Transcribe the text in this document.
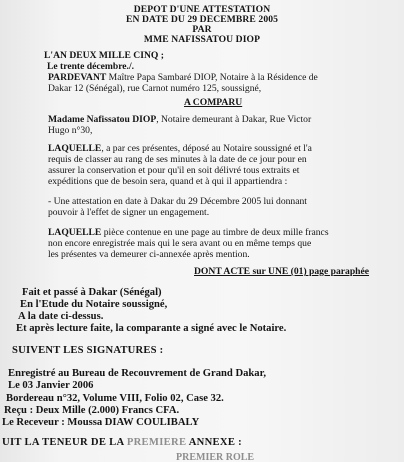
DEPOT D'UNE ATTESTATION
EN DATE DU 29 DECEMBRE 2005
PAR
MME NAFISSATOU DIOP
L'AN DEUX MILLE CINQ ;
Le trente décembre./.
PARDEVANT Maître Papa Sambaré DIOP, Notaire à la Résidence de
Dakar 12 (Sénégal), rue Carnot numéro 125, soussigné,
A COMPARU
Madame Nafissatou DIOP, Notaire demeurant à Dakar, Rue Victor
Hugo n°30,
LAQUELLE, a par ces présentes, déposé au Notaire soussigné et l'a
requis de classer au rang de ses minutes à la date de ce jour pour en
assurer la conservation et pour qu'il en soit délivré tous extraits et
expéditions que de besoin sera, quand et à qui il appartiendra :
- Une attestation en date à Dakar du 29 Décembre 2005 lui donnant
pouvoir à l'effet de signer un engagement.
LAQUELLE pièce contenue en une page au timbre de deux mille francs
non encore enregistrée mais qui le sera avant ou en même temps que
les présentes va demeurer ci-annexée après mention.
DONT ACTE sur UNE (01) page paraphée
Fait et passé à Dakar (Sénégal)
En l'Etude du Notaire soussigné,
A la date ci-dessus.
Et après lecture faite, la comparante a signé avec le Notaire.
SUIVENT LES SIGNATURES :
Enregistré au Bureau de Recouvrement de Grand Dakar,
Le 03 Janvier 2006
Bordereau n°32, Volume VIII, Folio 02, Case 32.
Reçu : Deux Mille (2.000) Francs CFA.
Le Receveur : Moussa DIAW COULIBALY
UIT LA TENEUR DE LA PREMIERE ANNEXE :
PREMIER ROLE
